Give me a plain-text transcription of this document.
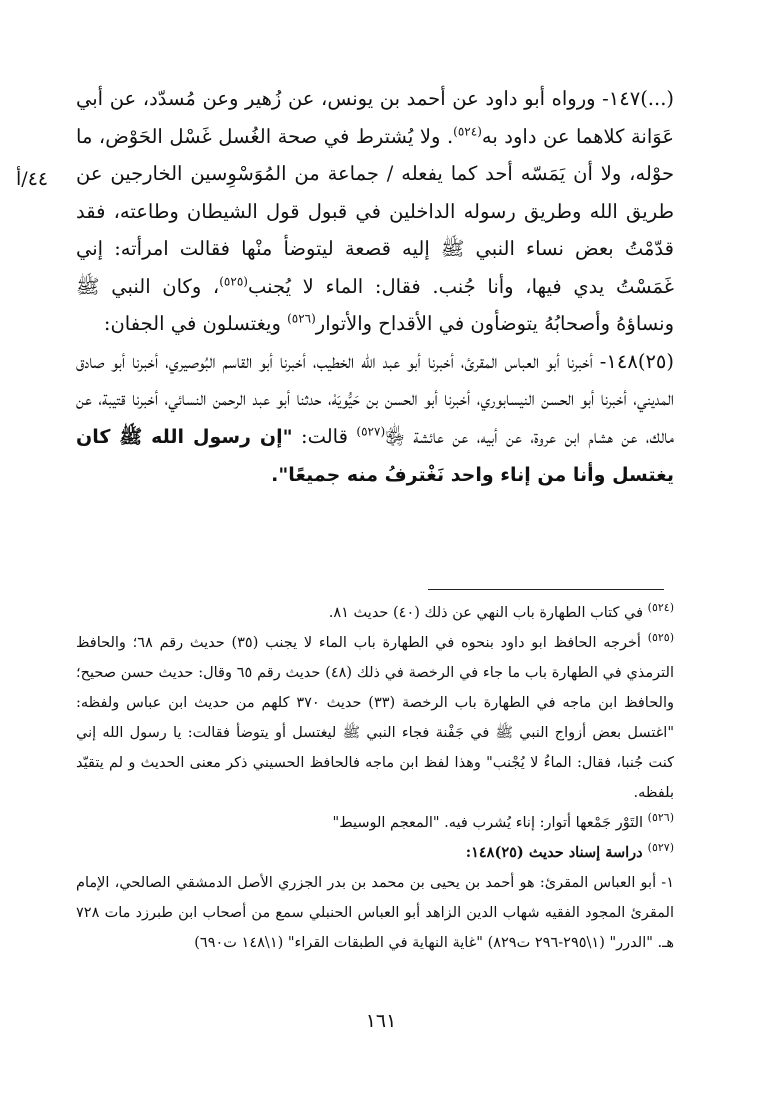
٤٤/أ

(...)١٤٧- ورواه أبو داود عن أحمد بن يونس، عن زُهير وعن مُسدّد، عن أبي عَوَانة كلاهما عن داود به$^{(٥٢٤)}$. ولا يُشترط في صحة الغُسل غَسْل الحَوْض، ما حوْله، ولا أن يَمَسّه أحد كما يفعله / جماعة من المُوَسْوِسين الخارجين عن طريق الله وطريق رسوله الداخلين في قبول قول الشيطان وطاعته، فقد قدّمْتُ بعض نساء النبي ﷺ إليه قصعة ليتوضأ منْها فقالت امرأته: إني غَمَسْتُ يدي فيها، وأنا جُنب. فقال: الماء لا يُجنب$^{(٥٢٥)}$، وكان النبي ﷺ ونساؤهُ وأصحابُهُ يتوضأون في الأقداح والأتوار$^{(٥٢٦)}$ ويغتسلون في الجفان:

(٢٥)١٤٨- أخبرنا أبو العباس المقرئ، أخبرنا أبو عبد الله الخطيب، أخبرنا أبو القاسم البُوصيري، أخبرنا أبو صادق المديني، أخبرنا أبو الحسن النيسابوري، أخبرنا أبو الحسن بن حَيُّويَهْ، حدثنا أبو عبد الرحمن النسائي، أخبرنا قتيبة، عن مالك، عن هشام ابن عروة، عن أبيه، عن عائشة ﵂$^{(٥٢٧)}$ قالت: "إن رسول الله ﷺ كان يغتسل وأنا من إناء واحد نَغْترفُ منه جميعًا".

$^{(٥٢٤)}$ في كتاب الطهارة باب النهي عن ذلك (٤٠) حديث ٨١.

$^{(٥٢٥)}$ أخرجه الحافظ ابو داود بنحوه في الطهارة باب الماء لا يجنب (٣٥) حديث رقم ٦٨؛ والحافظ الترمذي في الطهارة باب ما جاء في الرخصة في ذلك (٤٨) حديث رقم ٦٥ وقال: حديث حسن صحيح؛ والحافظ ابن ماجه في الطهارة باب الرخصة (٣٣) حديث ٣٧٠ كلهم من حديث ابن عباس ولفظه: "اغتسل بعض أزواج النبي ﷺ في جَفْنة فجاء النبي ﷺ ليغتسل أو يتوضأ فقالت: يا رسول الله إني كنت جُنبا، فقال: الماءُ لا يُجْنب" وهذا لفظ ابن ماجه فالحافظ الحسيني ذكر معنى الحديث و لم يتقيّد بلفظه.

$^{(٥٢٦)}$ التَوْر جَمْعها أتوار: إناء يُشرب فيه. "المعجم الوسيط"

$^{(٥٢٧)}$ دراسة إسناد حديث (٢٥)١٤٨:

١- أبو العباس المقرئ: هو أحمد بن يحيى بن محمد بن بدر الجزري الأصل الدمشقي الصالحي، الإمام المقرئ المجود الفقيه شهاب الدين الزاهد أبو العباس الحنبلي سمع من أصحاب ابن طبرزد مات ٧٢٨ هـ. "الدرر" (١\٢٩٥-٢٩٦ ت٨٢٩) "غاية النهاية في الطبقات القراء" (١\١٤٨ ت٦٩٠)

١٦١
